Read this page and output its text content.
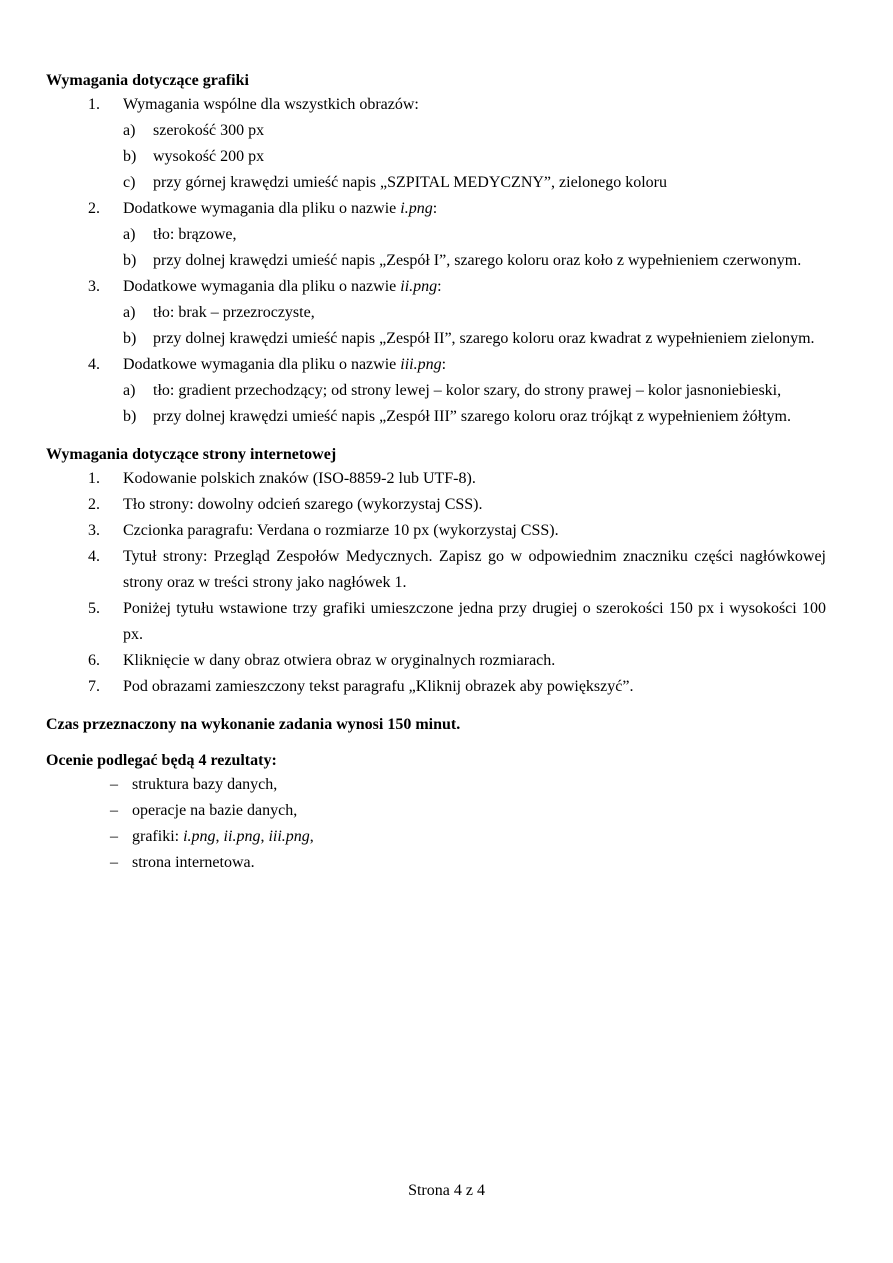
Wymagania dotyczące grafiki

1. Wymagania wspólne dla wszystkich obrazów:
a) szerokość 300 px
b) wysokość 200 px
c) przy górnej krawędzi umieść napis „SZPITAL MEDYCZNY”, zielonego koloru
2. Dodatkowe wymagania dla pliku o nazwie i.png:
a) tło: brązowe,
b) przy dolnej krawędzi umieść napis „Zespół I”, szarego koloru oraz koło z wypełnieniem czerwonym.
3. Dodatkowe wymagania dla pliku o nazwie ii.png:
a) tło: brak – przezroczyste,
b) przy dolnej krawędzi umieść napis „Zespół II”, szarego koloru oraz kwadrat z wypełnieniem zielonym.
4. Dodatkowe wymagania dla pliku o nazwie iii.png:
a) tło: gradient przechodzący; od strony lewej – kolor szary, do strony prawej – kolor jasnoniebieski,
b) przy dolnej krawędzi umieść napis „Zespół III” szarego koloru oraz trójkąt z wypełnieniem żółtym.

Wymagania dotyczące strony internetowej

1. Kodowanie polskich znaków (ISO-8859-2 lub UTF-8).
2. Tło strony: dowolny odcień szarego (wykorzystaj CSS).
3. Czcionka paragrafu: Verdana o rozmiarze 10 px (wykorzystaj CSS).
4. Tytuł strony: Przegląd Zespołów Medycznych. Zapisz go w odpowiednim znaczniku części nagłówkowej strony oraz w treści strony jako nagłówek 1.
5. Poniżej tytułu wstawione trzy grafiki umieszczone jedna przy drugiej o szerokości 150 px i wysokości 100 px.
6. Kliknięcie w dany obraz otwiera obraz w oryginalnych rozmiarach.
7. Pod obrazami zamieszczony tekst paragrafu „Kliknij obrazek aby powiększyć”.

Czas przeznaczony na wykonanie zadania wynosi 150 minut.

Ocenie podlegać będą 4 rezultaty:

– struktura bazy danych,
– operacje na bazie danych,
– grafiki: i.png, ii.png, iii.png,
– strona internetowa.
Strona 4 z 4
